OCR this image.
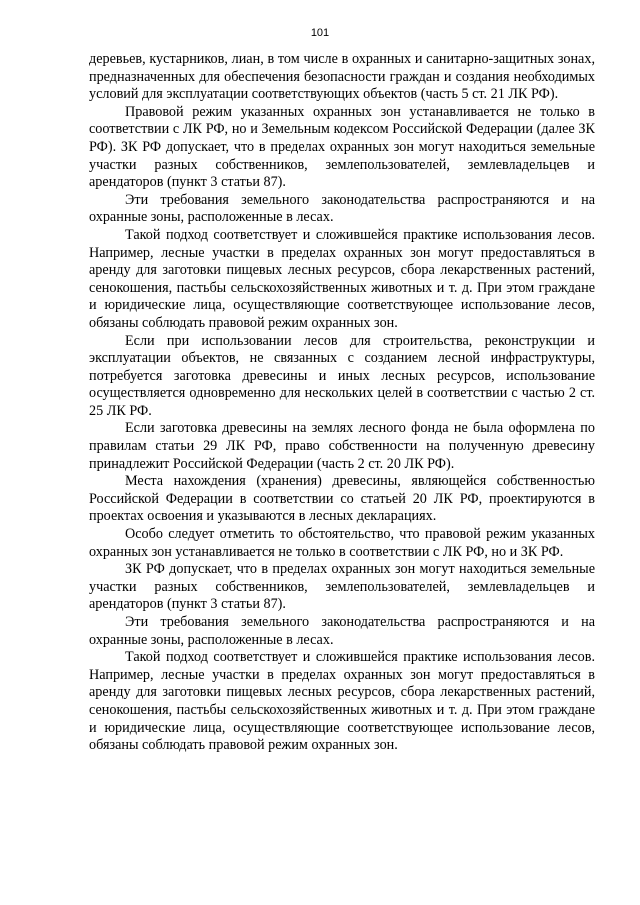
101

деревьев, кустарников, лиан, в том числе в охранных и санитарно-защитных зонах, предназначенных для обеспечения безопасности граждан и создания необходимых условий для эксплуатации соответствующих объектов (часть 5 ст. 21 ЛК РФ).

Правовой режим указанных охранных зон устанавливается не только в соответствии с ЛК РФ, но и Земельным кодексом Российской Федерации (далее ЗК РФ). ЗК РФ допускает, что в пределах охранных зон могут находиться земельные участки разных собственников, землепользователей, землевладельцев и арендаторов (пункт 3 статьи 87).

Эти требования земельного законодательства распространяются и на охранные зоны, расположенные в лесах.

Такой подход соответствует и сложившейся практике использования лесов. Например, лесные участки в пределах охранных зон могут предоставляться в аренду для заготовки пищевых лесных ресурсов, сбора лекарственных растений, сенокошения, пастьбы сельскохозяйственных животных и т. д. При этом граждане и юридические лица, осуществляющие соответствующее использование лесов, обязаны соблюдать правовой режим охранных зон.

Если при использовании лесов для строительства, реконструкции и эксплуатации объектов, не связанных с созданием лесной инфраструктуры, потребуется заготовка древесины и иных лесных ресурсов, использование осуществляется одновременно для нескольких целей в соответствии с частью 2 ст. 25 ЛК РФ.

Если заготовка древесины на землях лесного фонда не была оформлена по правилам статьи 29 ЛК РФ, право собственности на полученную древесину принадлежит Российской Федерации (часть 2 ст. 20 ЛК РФ).

Места нахождения (хранения) древесины, являющейся собственностью Российской Федерации в соответствии со статьей 20 ЛК РФ, проектируются в проектах освоения и указываются в лесных декларациях.

Особо следует отметить то обстоятельство, что правовой режим указанных охранных зон устанавливается не только в соответствии с ЛК РФ, но и ЗК РФ.

ЗК РФ допускает, что в пределах охранных зон могут находиться земельные участки разных собственников, землепользователей, землевладельцев и арендаторов (пункт 3 статьи 87).

Эти требования земельного законодательства распространяются и на охранные зоны, расположенные в лесах.

Такой подход соответствует и сложившейся практике использования лесов. Например, лесные участки в пределах охранных зон могут предоставляться в аренду для заготовки пищевых лесных ресурсов, сбора лекарственных растений, сенокошения, пастьбы сельскохозяйственных животных и т. д. При этом граждане и юридические лица, осуществляющие соответствующее использование лесов, обязаны соблюдать правовой режим охранных зон.
